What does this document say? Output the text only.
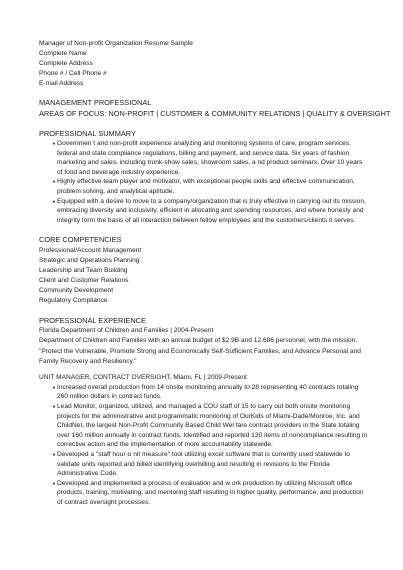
Manager of Non-profit Organization Resume Sample
Complete Name
Complete Address
Phone # / Cell Phone #
E-mail Address
MANAGEMENT PROFESSIONAL
AREAS OF FOCUS: NON-PROFIT | CUSTOMER & COMMUNITY RELATIONS | QUALITY & OVERSIGHT
PROFESSIONAL SUMMARY
● Governmen t and non-profit experience analyzing and monitoring systems of care, program services, federal and state compliance regulations, billing and payment, and service data. Six years of fashion marketing and sales, including trunk-show sales, showroom sales, a nd product seminars. Over 10 years of food and beverage industry experience.
● Highly effective team player and motivator, with exceptional people skills and effective communication, problem solving, and analytical aptitude.
● Equipped with a desire to move to a company/organization that is truly effective in carrying out its mission, embracing diversity and inclusivity, efficient in allocating and spending resources, and where honesty and integrity form the basis of all interaction between fellow employees and the customers/clients it serves.
CORE COMPETENCIES
Professional/Account Management
Strategic and Operations Planning
Leadership and Team Building
Client and Customer Relations
Community Development
Regulatory Compliance
PROFESSIONAL EXPERIENCE
Florida Department of Children and Families | 2004-Present
Department of Children and Families with an annual budget of $2.9B and 12,686 personnel, with the mission, "Protect the Vulnerable, Promote Strong and Economically Self-Sufficient Families, and Advance Personal and Family Recovery and Resiliency."
UNIT MANAGER, CONTRACT OVERSIGHT, Miami, FL | 2009-Present
● Increased overall production from 14 onsite monitoring annually to 28 representing 40 contracts totaling 260 million dollars in contract funds.
● Lead Monitor, organized, utilized, and managed a COU staff of 15 to carry out both onsite monitoring projects for the administrative and programmatic monitoring of OurKids of Miami-Dade/Monroe, Inc. and ChildNet, the largest Non-Profit Community Based Child Wel fare contract providers in the State totaling over 160 million annually in contract funds. Identified and reported 130 items of noncompliance resulting in corrective action and the implementation of more accountability statewide.
● Developed a "staff hour-u nit measure" tool utilizing excel software that is currently used statewide to validate units reported and billed identifying overbilling and resulting in revisions to the Florida Administrative Code.
● Developed and implemented a process of evaluation and w ork production by utilizing Microsoft office products, training, motivating, and mentoring staff resulting in higher quality, performance, and production of contract oversight processes.
